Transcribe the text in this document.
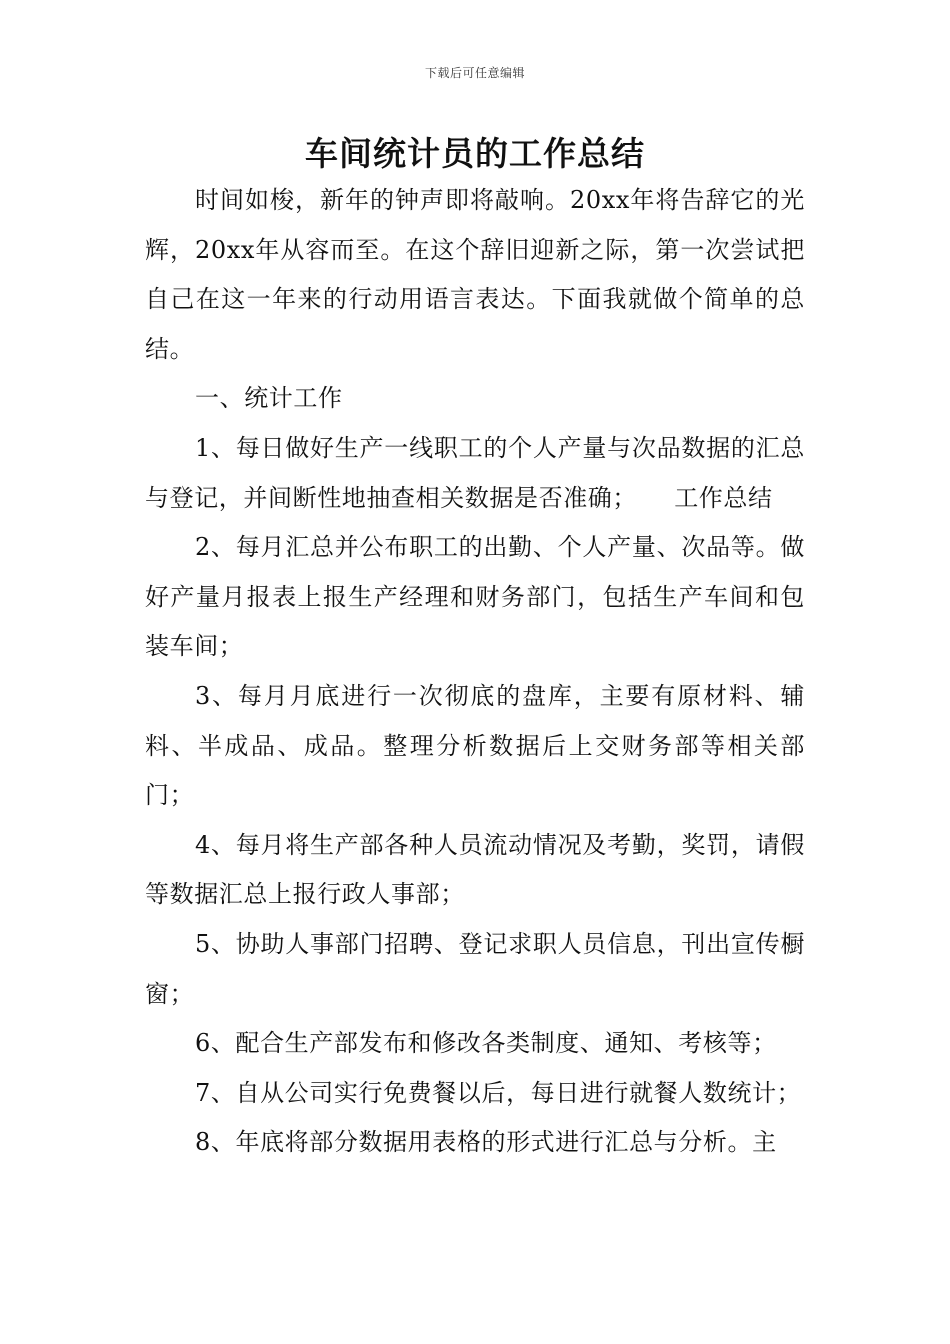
下载后可任意编辑
车间统计员的工作总结

时间如梭，新年的钟声即将敲响。20xx年将告辞它的光辉，20xx年从容而至。在这个辞旧迎新之际，第一次尝试把自己在这一年来的行动用语言表达。下面我就做个简单的总结。

一、统计工作

1、每日做好生产一线职工的个人产量与次品数据的汇总与登记，并间断性地抽查相关数据是否准确；　　工作总结

2、每月汇总并公布职工的出勤、个人产量、次品等。做好产量月报表上报生产经理和财务部门，包括生产车间和包装车间；

3、每月月底进行一次彻底的盘库，主要有原材料、辅料、半成品、成品。整理分析数据后上交财务部等相关部门；

4、每月将生产部各种人员流动情况及考勤，奖罚，请假等数据汇总上报行政人事部；

5、协助人事部门招聘、登记求职人员信息，刊出宣传橱窗；

6、配合生产部发布和修改各类制度、通知、考核等；

7、自从公司实行免费餐以后，每日进行就餐人数统计；

8、年底将部分数据用表格的形式进行汇总与分析。主
